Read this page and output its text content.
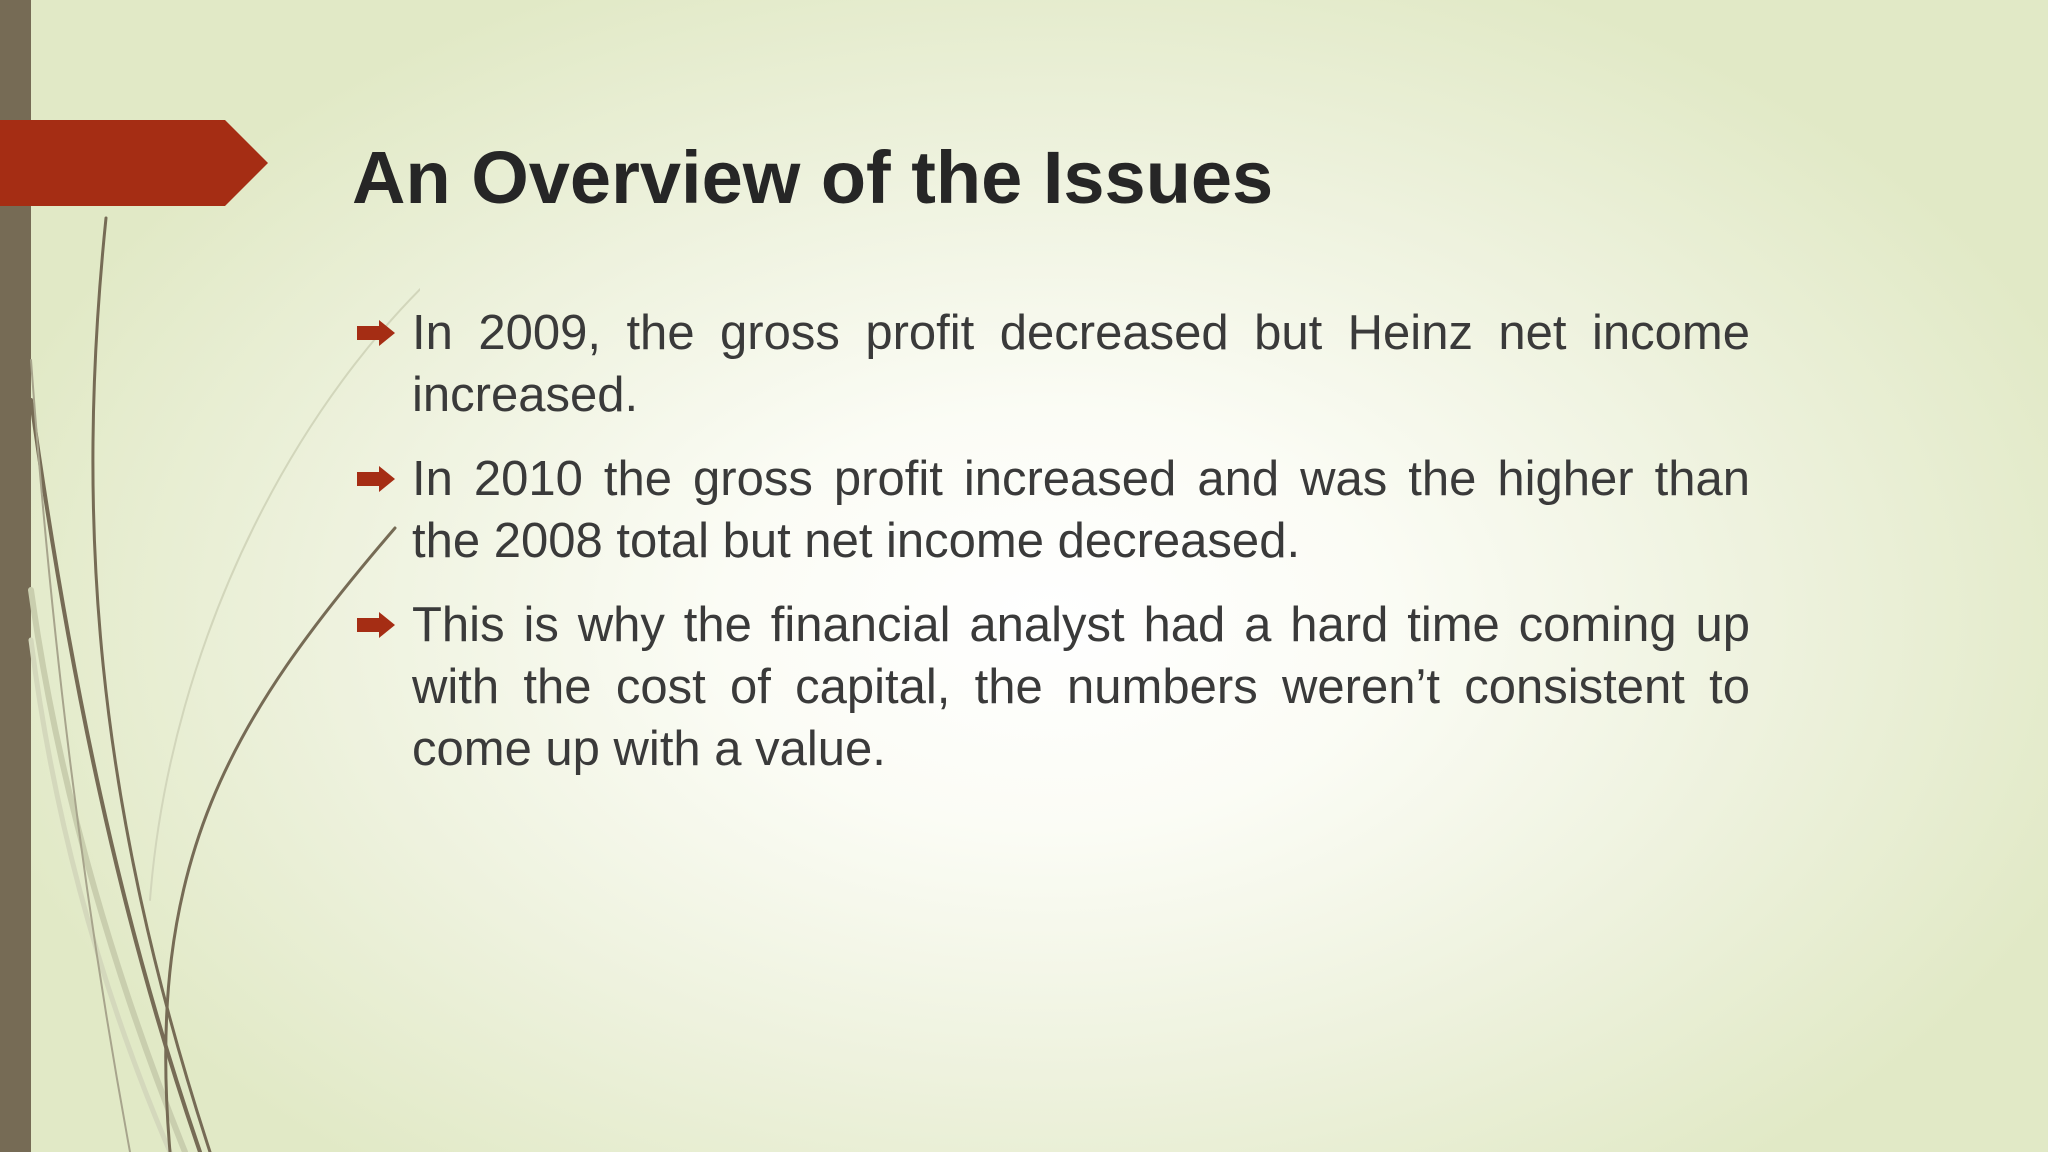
An Overview of the Issues
In 2009, the gross profit decreased but Heinz net income increased.
In 2010 the gross profit increased and was the higher than the 2008 total but net income decreased.
This is why the financial analyst had a hard time coming up with the cost of capital, the numbers weren’t consistent to come up with a value.
